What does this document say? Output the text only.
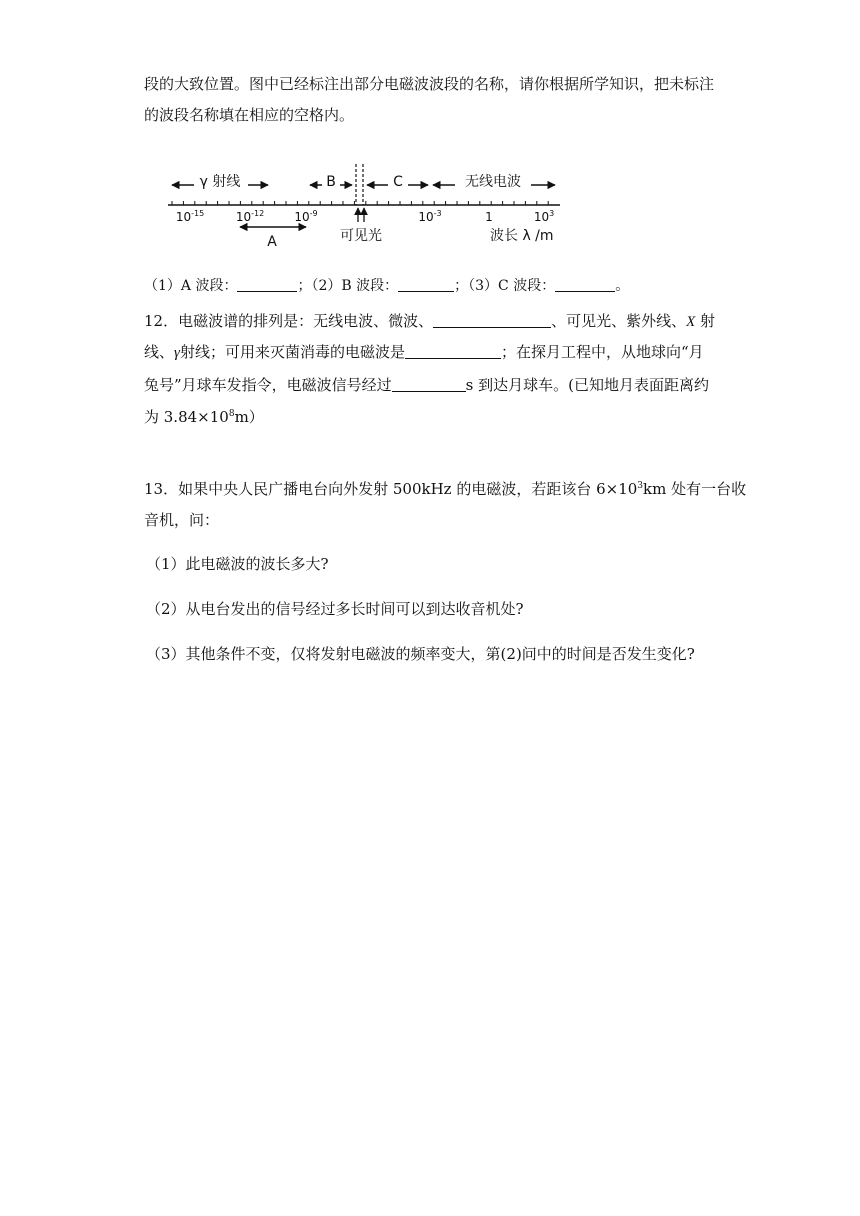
段的大致位置。图中已经标注出部分电磁波波段的名称，请你根据所学知识，把未标注
的波段名称填在相应的空格内。
γ 射线	B	C	无线电波
$10^{-15}$	$10^{-12}$	$10^{-9}$	$10^{-3}$	1	$10^3$
可见光
A	波长 λ /m
（1）A 波段：	；（2）B 波段：	；（3）C 波段：	。
12．电磁波谱的排列是：无线电波、微波、	、可见光、紫外线、X 射
线、γ射线；可用来灭菌消毒的电磁波是	；在探月工程中，从地球向“月
兔号”月球车发指令，电磁波信号经过	s 到达月球车。(已知地月表面距离约
为 $3.84\times 10^8m$）
13．如果中央人民广播电台向外发射 500kHz 的电磁波，若距该台 $6\times 10^3km$ 处有一台收
音机，问：
（1）此电磁波的波长多大?
（2）从电台发出的信号经过多长时间可以到达收音机处?
（3）其他条件不变，仅将发射电磁波的频率变大，第(2)问中的时间是否发生变化?
